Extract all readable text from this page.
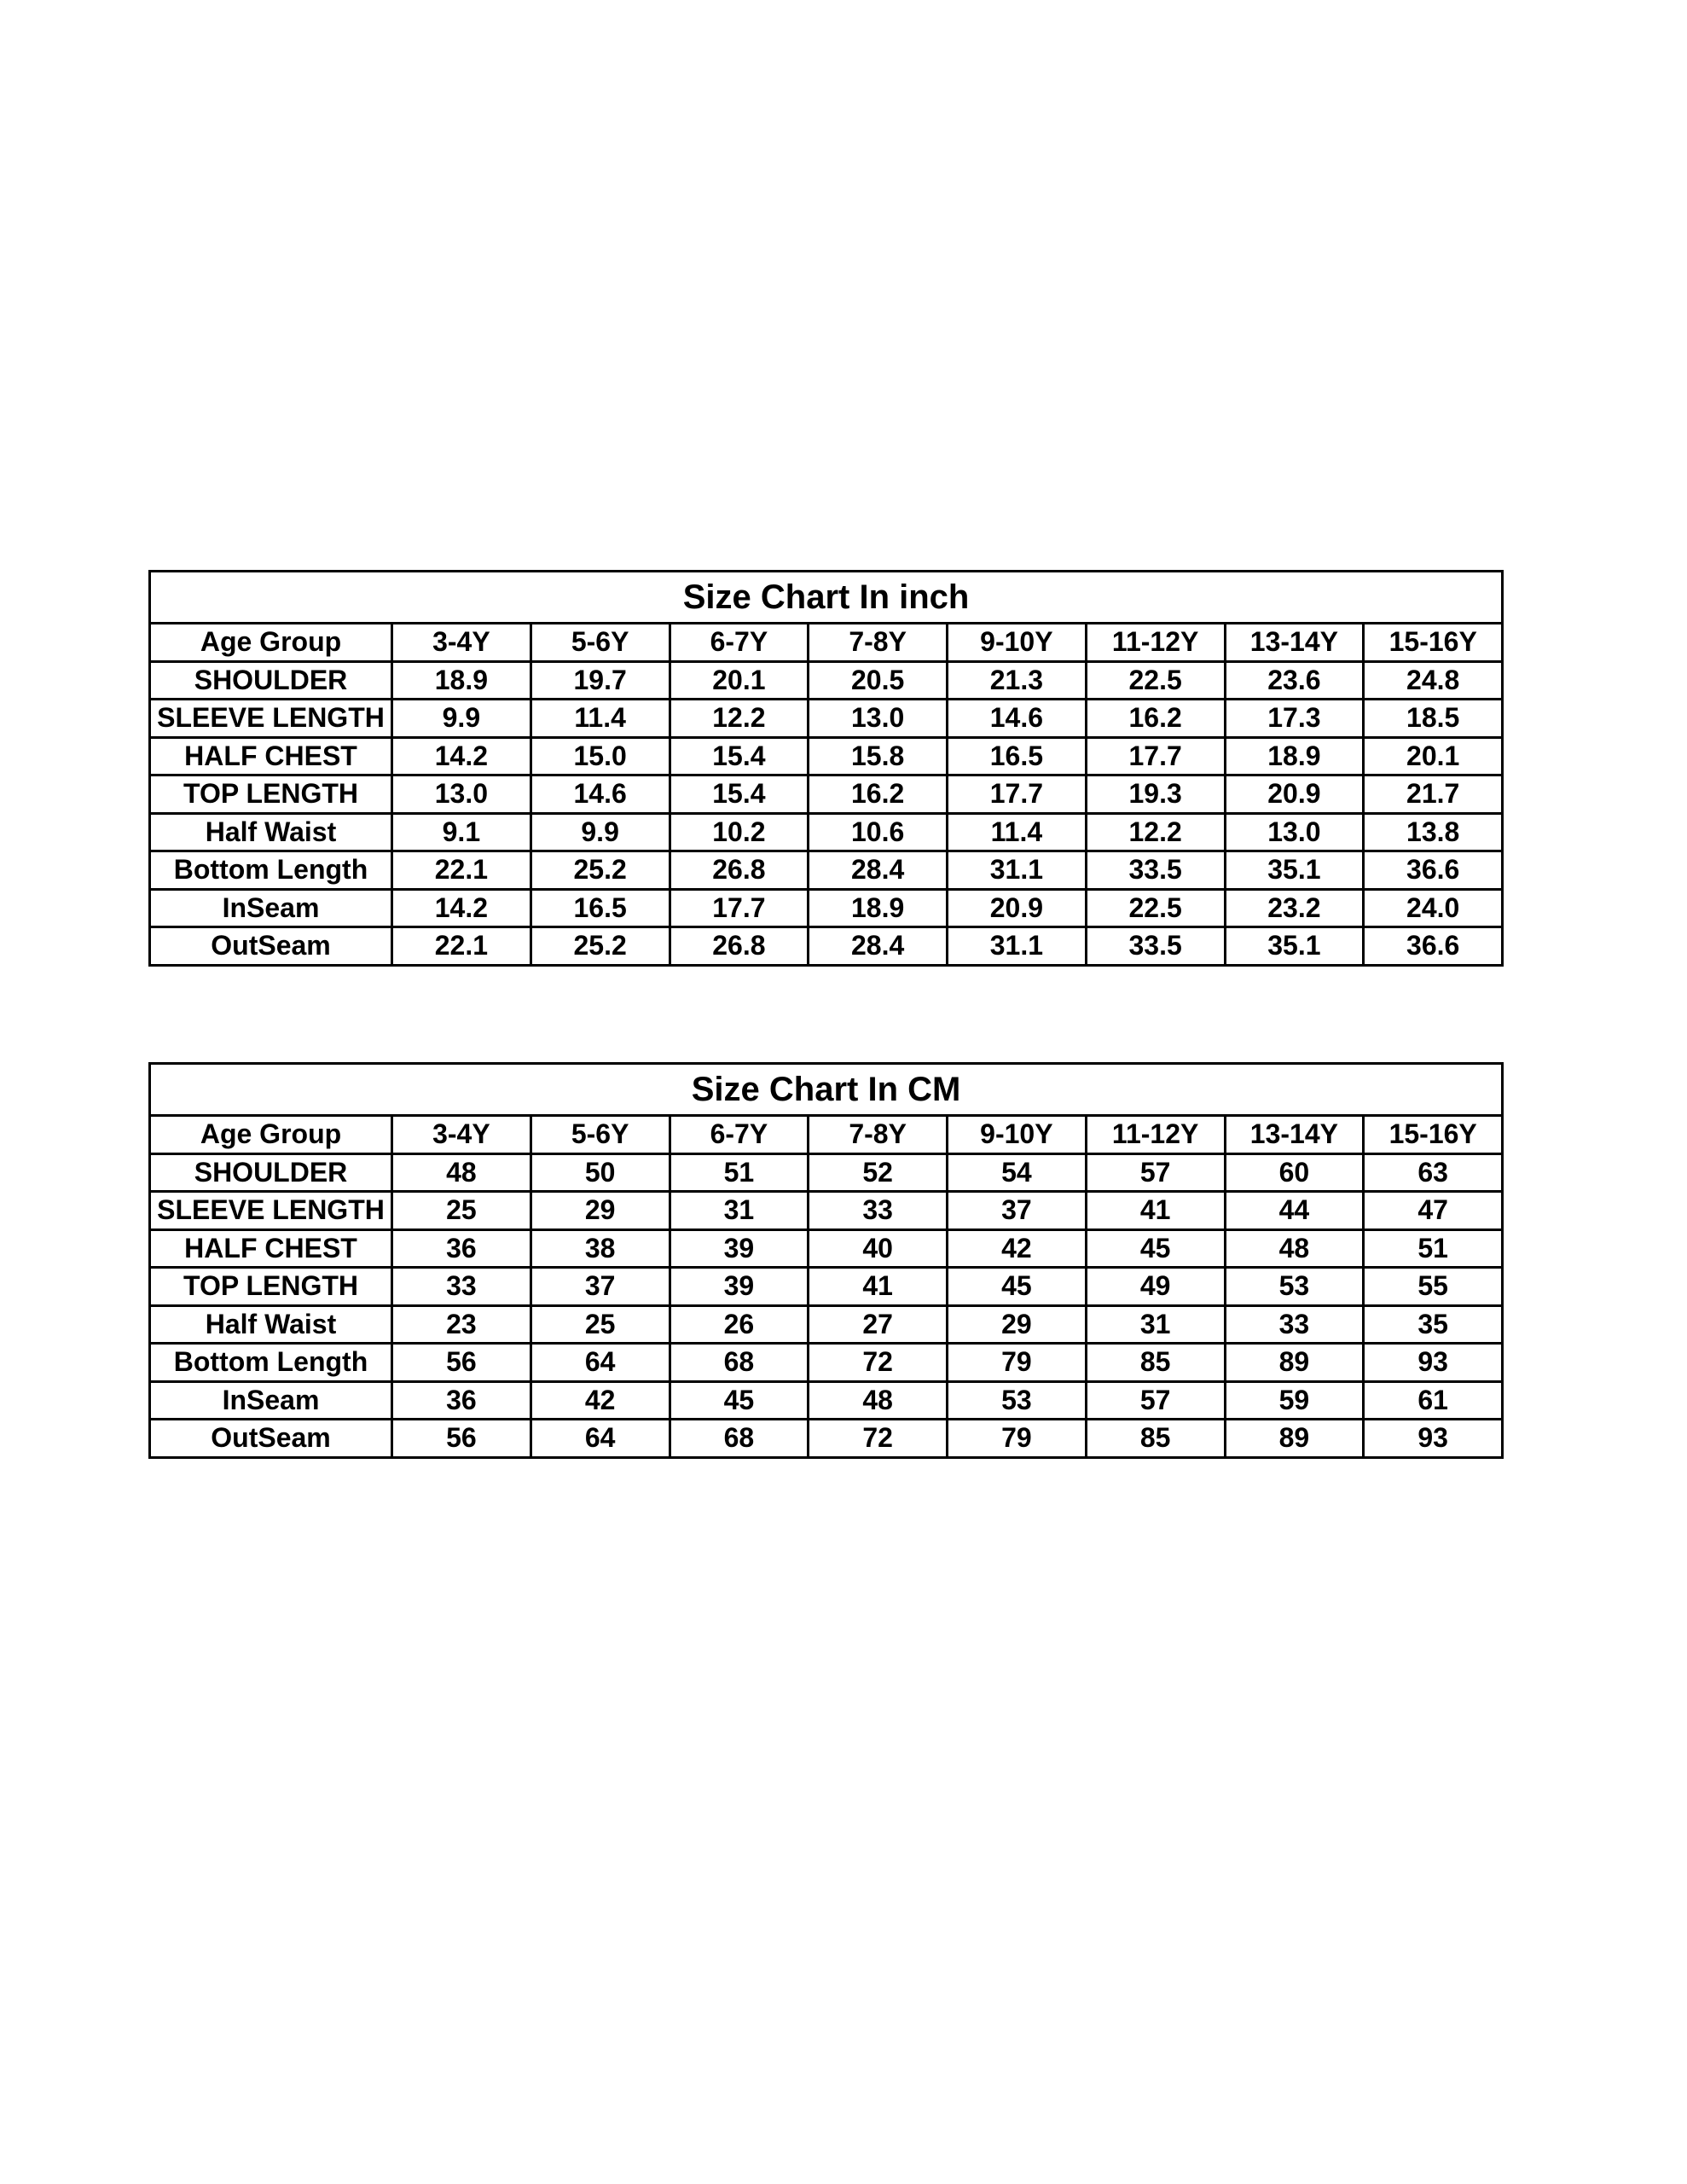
Size Chart In inch								
Age Group	3-4Y	5-6Y	6-7Y	7-8Y	9-10Y	11-12Y	13-14Y	15-16Y
SHOULDER	18.9	19.7	20.1	20.5	21.3	22.5	23.6	24.8
SLEEVE LENGTH	9.9	11.4	12.2	13.0	14.6	16.2	17.3	18.5
HALF CHEST	14.2	15.0	15.4	15.8	16.5	17.7	18.9	20.1
TOP LENGTH	13.0	14.6	15.4	16.2	17.7	19.3	20.9	21.7
Half Waist	9.1	9.9	10.2	10.6	11.4	12.2	13.0	13.8
Bottom Length	22.1	25.2	26.8	28.4	31.1	33.5	35.1	36.6
InSeam	14.2	16.5	17.7	18.9	20.9	22.5	23.2	24.0
OutSeam	22.1	25.2	26.8	28.4	31.1	33.5	35.1	36.6
Size Chart In CM								
Age Group	3-4Y	5-6Y	6-7Y	7-8Y	9-10Y	11-12Y	13-14Y	15-16Y
SHOULDER	48	50	51	52	54	57	60	63
SLEEVE LENGTH	25	29	31	33	37	41	44	47
HALF CHEST	36	38	39	40	42	45	48	51
TOP LENGTH	33	37	39	41	45	49	53	55
Half Waist	23	25	26	27	29	31	33	35
Bottom Length	56	64	68	72	79	85	89	93
InSeam	36	42	45	48	53	57	59	61
OutSeam	56	64	68	72	79	85	89	93
